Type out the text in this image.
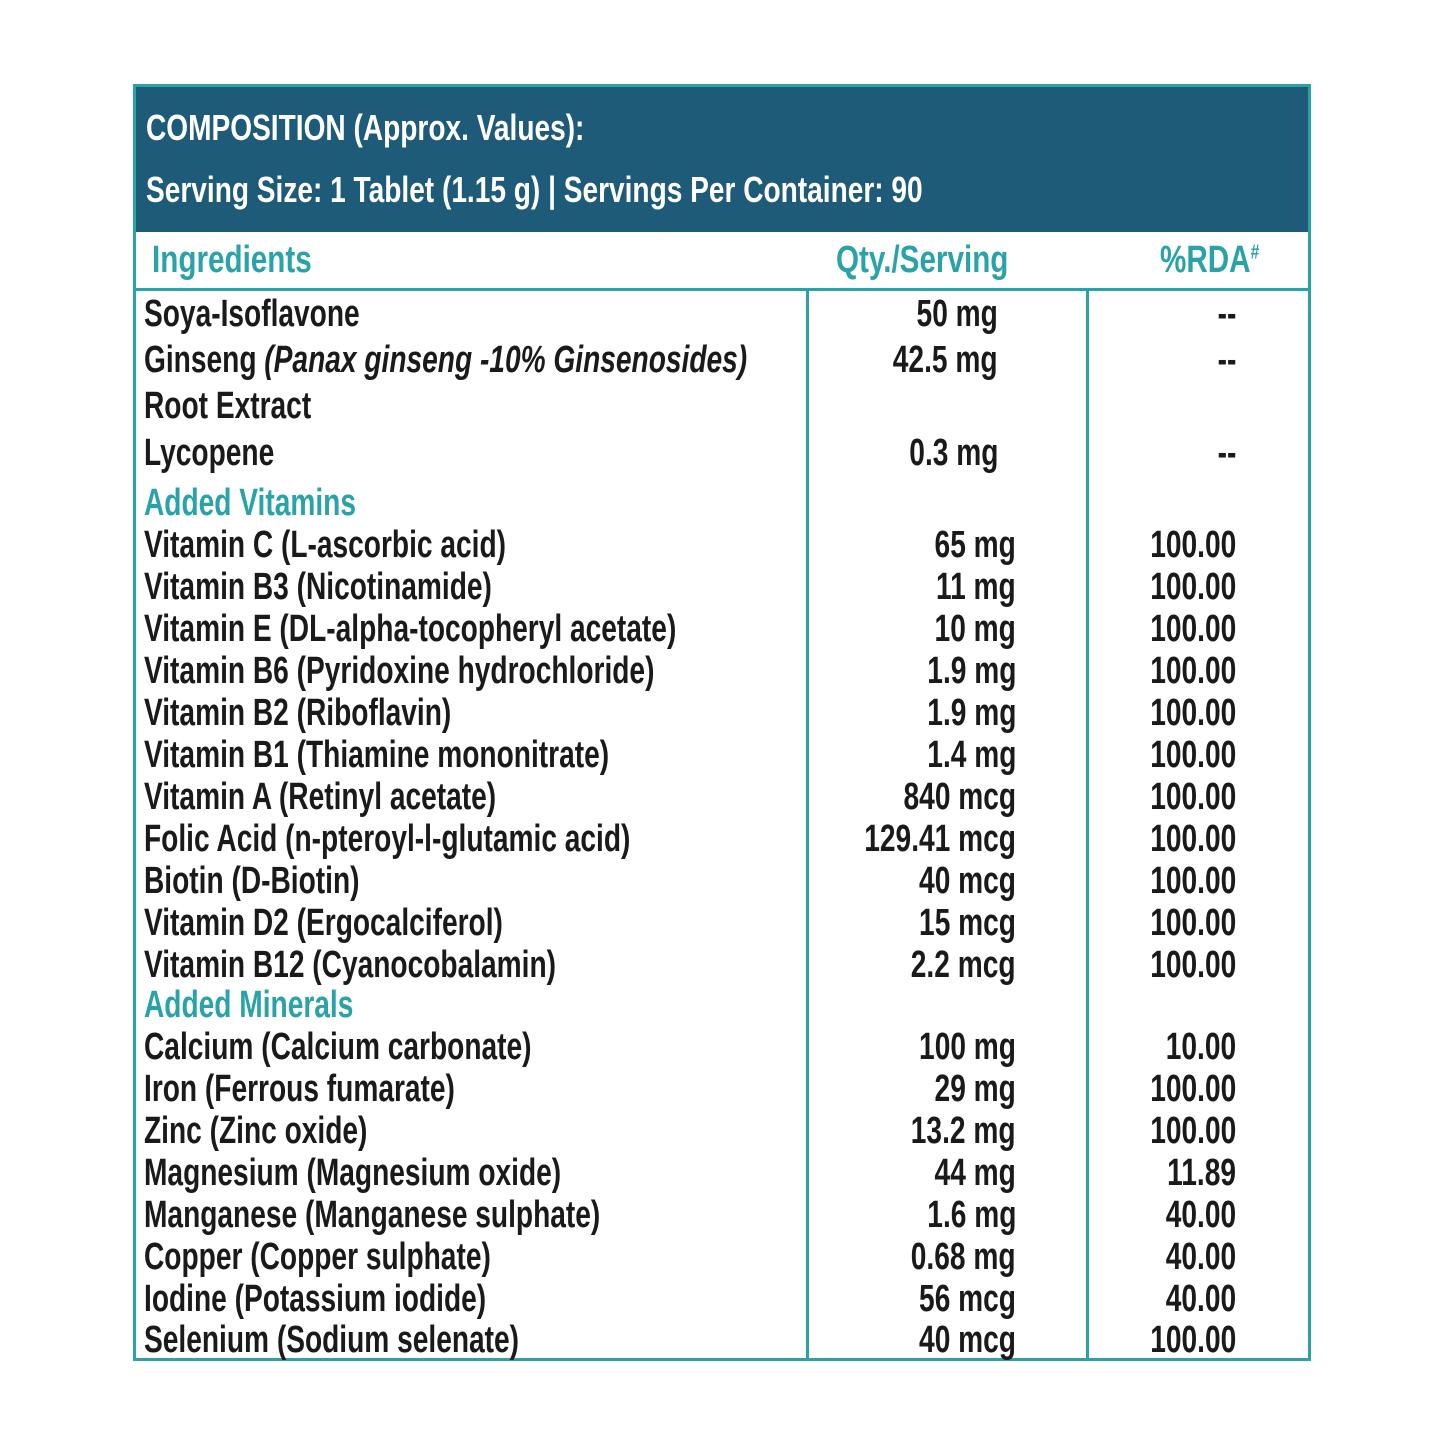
COMPOSITION (Approx. Values):
Serving Size: 1 Tablet (1.15 g) | Servings Per Container: 90
Ingredients	Qty./Serving	%RDA#
Soya-Isoflavone	50 mg	--
Ginseng (Panax ginseng -10% Ginsenosides)	42.5 mg	--
Root Extract
Lycopene	0.3 mg	--
Added Vitamins
Vitamin C (L-ascorbic acid)	65 mg	100.00
Vitamin B3 (Nicotinamide)	11 mg	100.00
Vitamin E (DL-alpha-tocopheryl acetate)	10 mg	100.00
Vitamin B6 (Pyridoxine hydrochloride)	1.9 mg	100.00
Vitamin B2 (Riboflavin)	1.9 mg	100.00
Vitamin B1 (Thiamine mononitrate)	1.4 mg	100.00
Vitamin A (Retinyl acetate)	840 mcg	100.00
Folic Acid (n-pteroyl-l-glutamic acid)	129.41 mcg	100.00
Biotin (D-Biotin)	40 mcg	100.00
Vitamin D2 (Ergocalciferol)	15 mcg	100.00
Vitamin B12 (Cyanocobalamin)	2.2 mcg	100.00
Added Minerals
Calcium (Calcium carbonate)	100 mg	10.00
Iron (Ferrous fumarate)	29 mg	100.00
Zinc (Zinc oxide)	13.2 mg	100.00
Magnesium (Magnesium oxide)	44 mg	11.89
Manganese (Manganese sulphate)	1.6 mg	40.00
Copper (Copper sulphate)	0.68 mg	40.00
Iodine (Potassium iodide)	56 mcg	40.00
Selenium (Sodium selenate)	40 mcg	100.00
